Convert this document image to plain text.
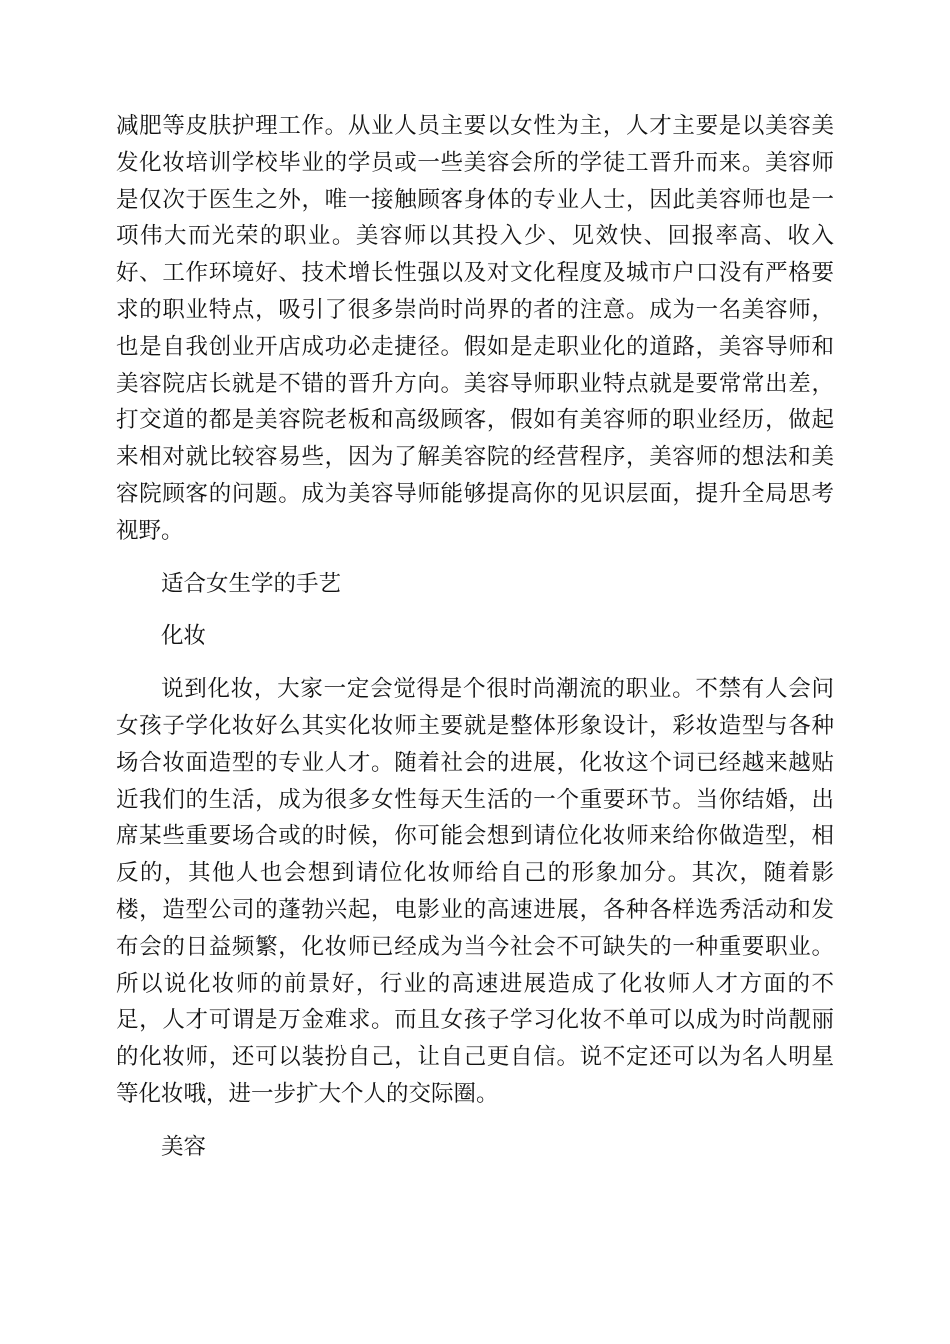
减肥等皮肤护理工作。从业人员主要以女性为主，人才主要是以美容美发化妆培训学校毕业的学员或一些美容会所的学徒工晋升而来。美容师是仅次于医生之外，唯一接触顾客身体的专业人士，因此美容师也是一项伟大而光荣的职业。美容师以其投入少、见效快、回报率高、收入好、工作环境好、技术增长性强以及对文化程度及城市户口没有严格要求的职业特点，吸引了很多崇尚时尚界的者的注意。成为一名美容师，也是自我创业开店成功必走捷径。假如是走职业化的道路，美容导师和美容院店长就是不错的晋升方向。美容导师职业特点就是要常常出差，打交道的都是美容院老板和高级顾客，假如有美容师的职业经历，做起来相对就比较容易些，因为了解美容院的经营程序，美容师的想法和美容院顾客的问题。成为美容导师能够提高你的见识层面，提升全局思考视野。

适合女生学的手艺

化妆

说到化妆，大家一定会觉得是个很时尚潮流的职业。不禁有人会问女孩子学化妆好么其实化妆师主要就是整体形象设计，彩妆造型与各种场合妆面造型的专业人才。随着社会的进展，化妆这个词已经越来越贴近我们的生活，成为很多女性每天生活的一个重要环节。当你结婚，出席某些重要场合或的时候，你可能会想到请位化妆师来给你做造型，相反的，其他人也会想到请位化妆师给自己的形象加分。其次，随着影楼，造型公司的蓬勃兴起，电影业的高速进展，各种各样选秀活动和发布会的日益频繁，化妆师已经成为当今社会不可缺失的一种重要职业。所以说化妆师的前景好，行业的高速进展造成了化妆师人才方面的不足，人才可谓是万金难求。而且女孩子学习化妆不单可以成为时尚靓丽的化妆师，还可以装扮自己，让自己更自信。说不定还可以为名人明星等化妆哦，进一步扩大个人的交际圈。

美容
